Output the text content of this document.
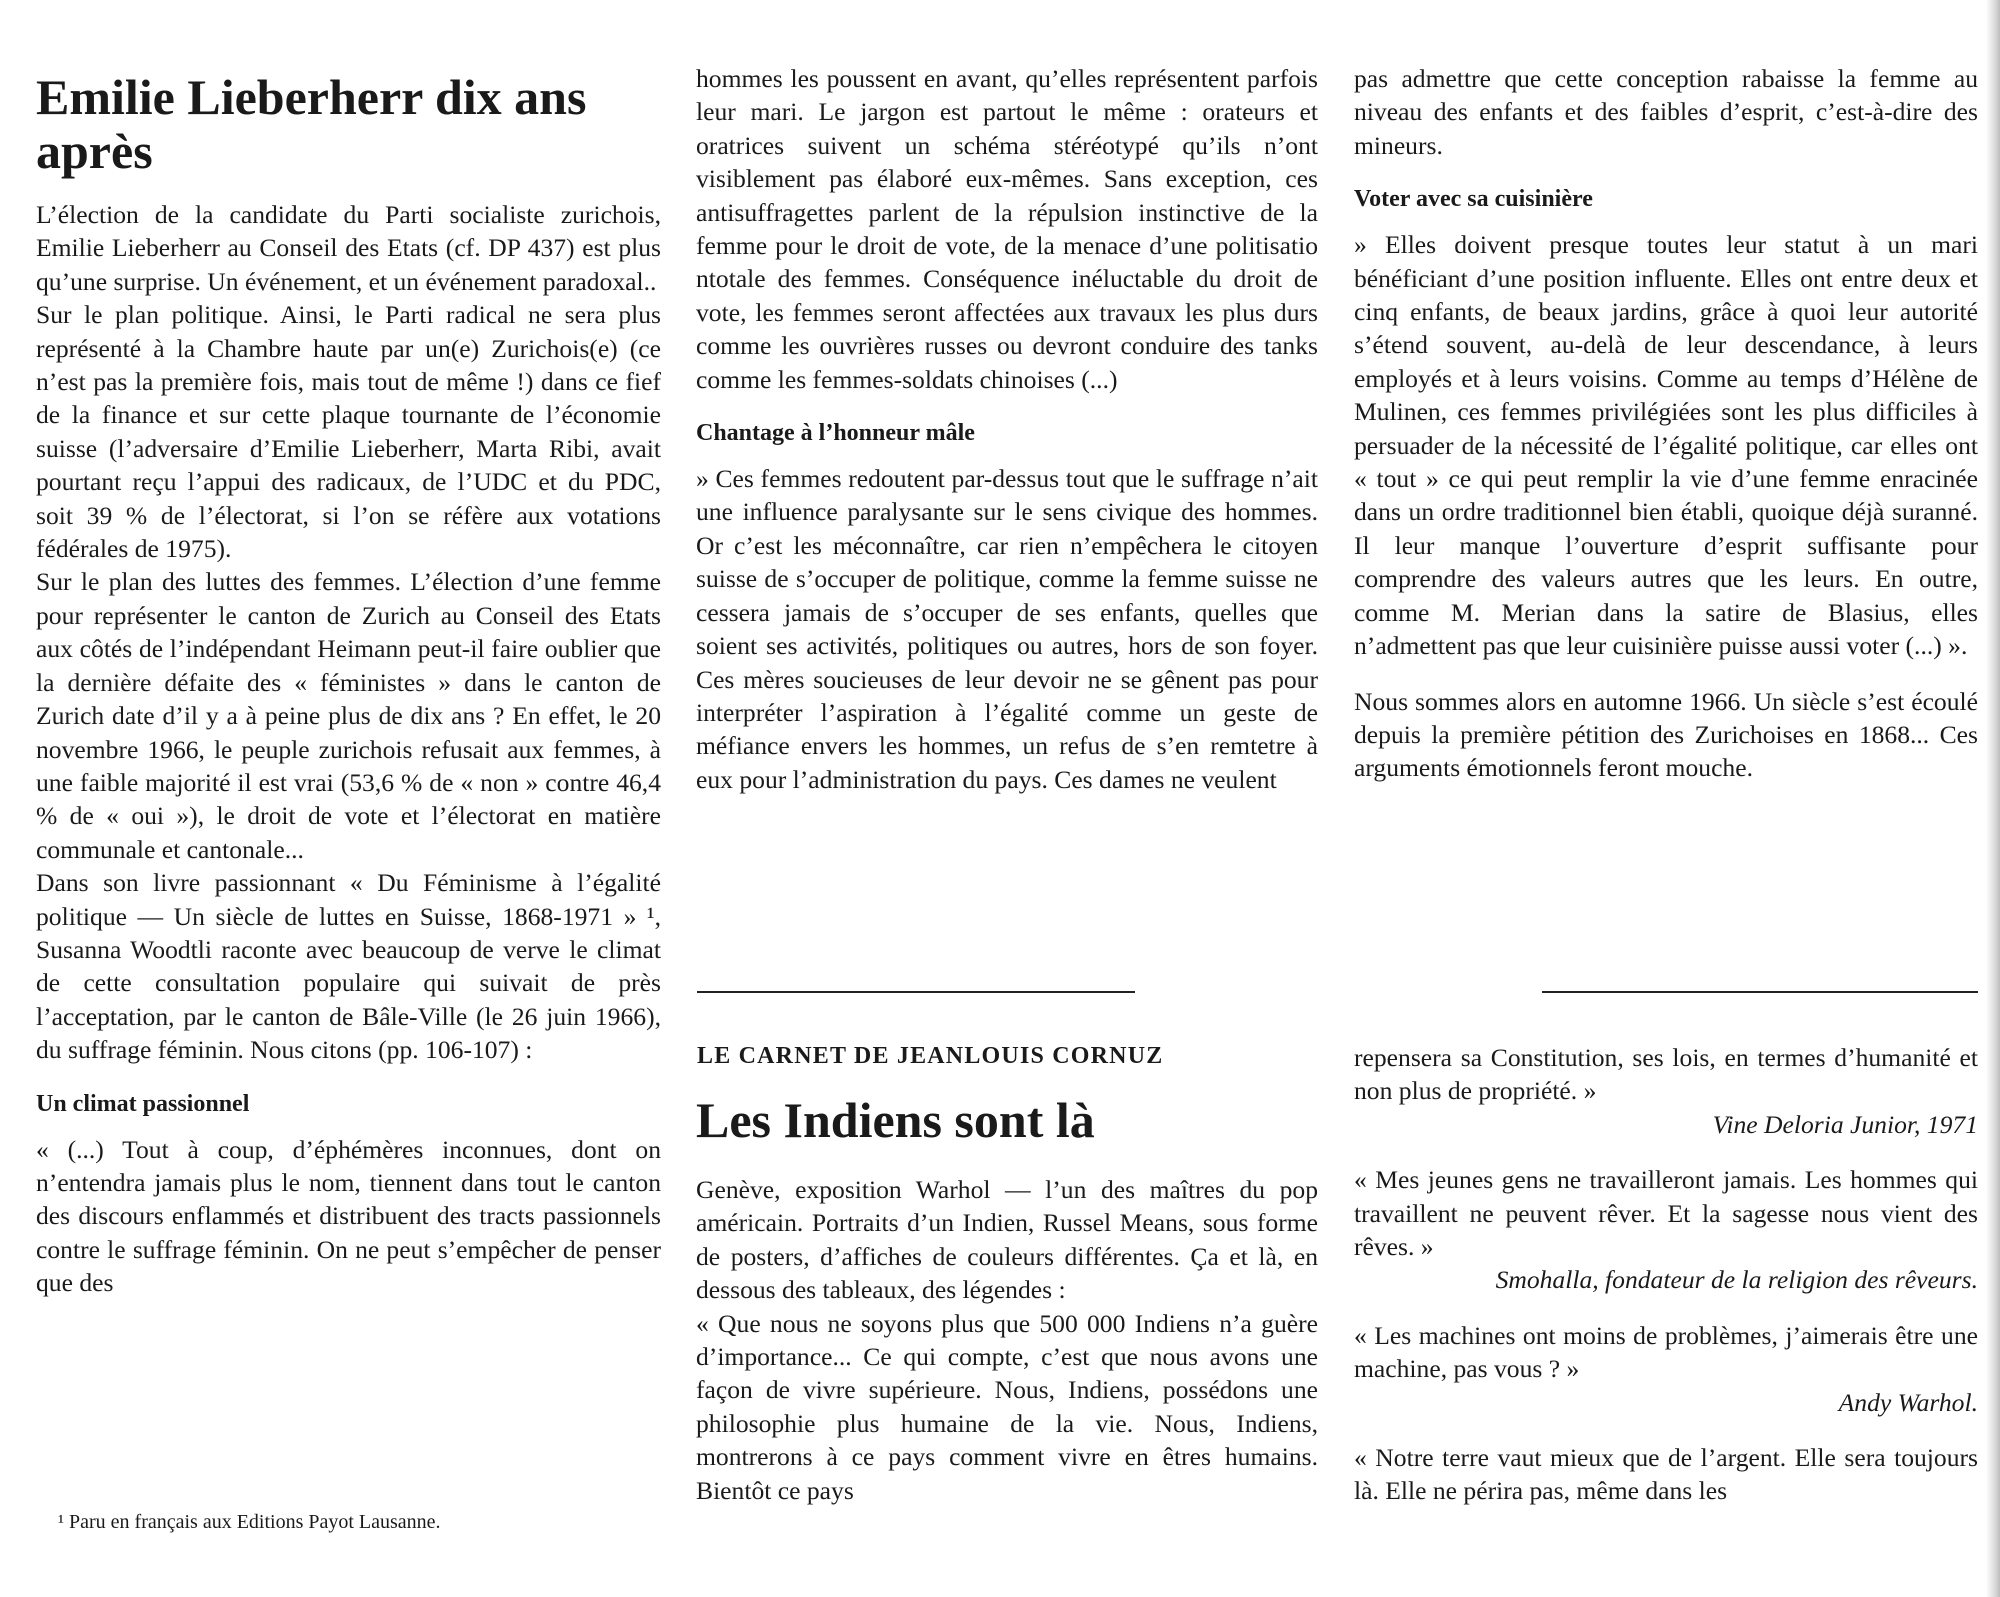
Emilie Lieberherr dix ans après

L’élection de la candidate du Parti socialiste zurichois, Emilie Lieberherr au Conseil des Etats (cf. DP 437) est plus qu’une surprise. Un événement, et un événement paradoxal..

Sur le plan politique. Ainsi, le Parti radical ne sera plus représenté à la Chambre haute par un(e) Zurichois(e) (ce n’est pas la première fois, mais tout de même !) dans ce fief de la finance et sur cette plaque tournante de l’économie suisse (l’adversaire d’Emilie Lieberherr, Marta Ribi, avait pourtant reçu l’appui des radicaux, de l’UDC et du PDC, soit 39 % de l’électorat, si l’on se réfère aux votations fédérales de 1975).

Sur le plan des luttes des femmes. L’élection d’une femme pour représenter le canton de Zurich au Conseil des Etats aux côtés de l’indépendant Heimann peut-il faire oublier que la dernière défaite des « féministes » dans le canton de Zurich date d’il y a à peine plus de dix ans ? En effet, le 20 novembre 1966, le peuple zurichois refusait aux femmes, à une faible majorité il est vrai (53,6 % de « non » contre 46,4 % de « oui »), le droit de vote et l’électorat en matière communale et cantonale...

Dans son livre passionnant « Du Féminisme à l’égalité politique — Un siècle de luttes en Suisse, 1868-1971 » ¹, Susanna Woodtli raconte avec beaucoup de verve le climat de cette consultation populaire qui suivait de près l’acceptation, par le canton de Bâle-Ville (le 26 juin 1966), du suffrage féminin. Nous citons (pp. 106-107) :

Un climat passionnel

« (...) Tout à coup, d’éphémères inconnues, dont on n’entendra jamais plus le nom, tiennent dans tout le canton des discours enflammés et distribuent des tracts passionnels contre le suffrage féminin. On ne peut s’empêcher de penser que des

¹ Paru en français aux Editions Payot Lausanne.

hommes les poussent en avant, qu’elles représentent parfois leur mari. Le jargon est partout le même : orateurs et oratrices suivent un schéma stéréotypé qu’ils n’ont visiblement pas élaboré eux-mêmes. Sans exception, ces antisuffragettes parlent de la répulsion instinctive de la femme pour le droit de vote, de la menace d’une politisatio ntotale des femmes. Conséquence inéluctable du droit de vote, les femmes seront affectées aux travaux les plus durs comme les ouvrières russes ou devront conduire des tanks comme les femmes-soldats chinoises (...)

Chantage à l’honneur mâle

» Ces femmes redoutent par-dessus tout que le suffrage n’ait une influence paralysante sur le sens civique des hommes. Or c’est les méconnaître, car rien n’empêchera le citoyen suisse de s’occuper de politique, comme la femme suisse ne cessera jamais de s’occuper de ses enfants, quelles que soient ses activités, politiques ou autres, hors de son foyer. Ces mères soucieuses de leur devoir ne se gênent pas pour interpréter l’aspiration à l’égalité comme un geste de méfiance envers les hommes, un refus de s’en remtetre à eux pour l’administration du pays. Ces dames ne veulent

pas admettre que cette conception rabaisse la femme au niveau des enfants et des faibles d’esprit, c’est-à-dire des mineurs.

Voter avec sa cuisinière

» Elles doivent presque toutes leur statut à un mari bénéficiant d’une position influente. Elles ont entre deux et cinq enfants, de beaux jardins, grâce à quoi leur autorité s’étend souvent, au-delà de leur descendance, à leurs employés et à leurs voisins. Comme au temps d’Hélène de Mulinen, ces femmes privilégiées sont les plus difficiles à persuader de la nécessité de l’égalité politique, car elles ont « tout » ce qui peut remplir la vie d’une femme enracinée dans un ordre traditionnel bien établi, quoique déjà suranné. Il leur manque l’ouverture d’esprit suffisante pour comprendre des valeurs autres que les leurs. En outre, comme M. Merian dans la satire de Blasius, elles n’admettent pas que leur cuisinière puisse aussi voter (...) ».

Nous sommes alors en automne 1966. Un siècle s’est écoulé depuis la première pétition des Zurichoises en 1868... Ces arguments émotionnels feront mouche.

LE CARNET DE JEANLOUIS CORNUZ
Les Indiens sont là

Genève, exposition Warhol — l’un des maîtres du pop américain. Portraits d’un Indien, Russel Means, sous forme de posters, d’affiches de couleurs différentes. Ça et là, en dessous des tableaux, des légendes :

« Que nous ne soyons plus que 500 000 Indiens n’a guère d’importance... Ce qui compte, c’est que nous avons une façon de vivre supérieure. Nous, Indiens, possédons une philosophie plus humaine de la vie. Nous, Indiens, montrerons à ce pays comment vivre en êtres humains. Bientôt ce pays

repensera sa Constitution, ses lois, en termes d’humanité et non plus de propriété. »

Vine Deloria Junior, 1971

« Mes jeunes gens ne travailleront jamais. Les hommes qui travaillent ne peuvent rêver. Et la sagesse nous vient des rêves. »

Smohalla, fondateur de la religion des rêveurs.

« Les machines ont moins de problèmes, j’aimerais être une machine, pas vous ? »

Andy Warhol.

« Notre terre vaut mieux que de l’argent. Elle sera toujours là. Elle ne périra pas, même dans les
